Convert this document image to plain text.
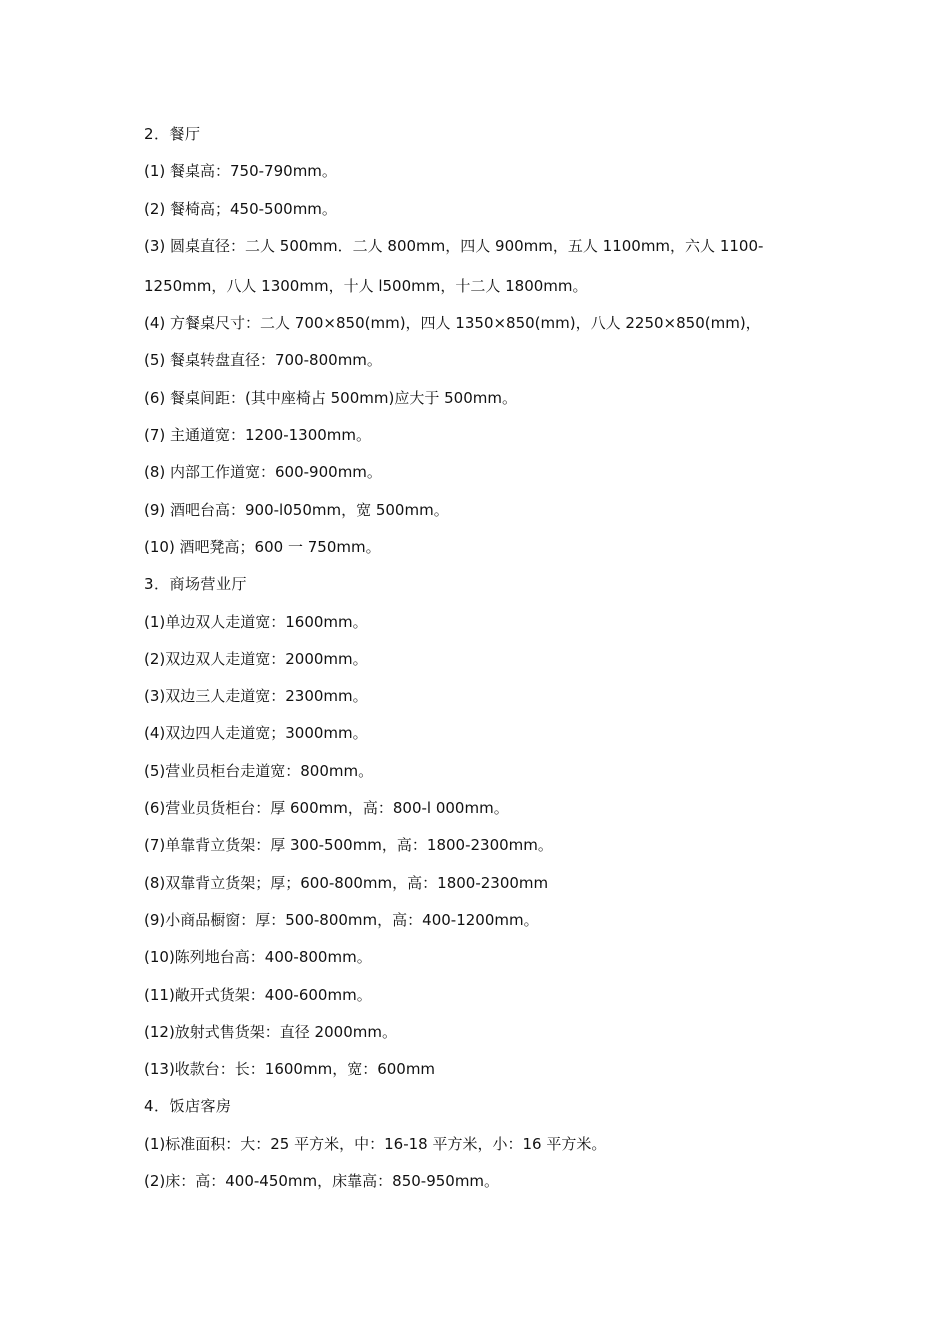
2．餐厅
(1) 餐桌高：750-790mm。
(2) 餐椅高；450-500mm。
(3) 圆桌直径：二人 500mm．二人 800mm，四人 900mm，五人 1100mm，六人 1100-
1250mm，八人 1300mm，十人 l500mm，十二人 1800mm。
(4) 方餐桌尺寸：二人 700×850(mm)，四人 1350×850(mm)，八人 2250×850(mm)，
(5) 餐桌转盘直径：700-800mm。
(6) 餐桌间距：(其中座椅占 500mm)应大于 500mm。
(7) 主通道宽：1200-1300mm。
(8) 内部工作道宽：600-900mm。
(9) 酒吧台高：900-l050mm，宽 500mm。
(10) 酒吧凳高；600 一 750mm。
3．商场营业厅
(1)单边双人走道宽：1600mm。
(2)双边双人走道宽：2000mm。
(3)双边三人走道宽：2300mm。
(4)双边四人走道宽；3000mm。
(5)营业员柜台走道宽：800mm。
(6)营业员货柜台：厚 600mm，高：800-l 000mm。
(7)单靠背立货架：厚 300-500mm，高：1800-2300mm。
(8)双靠背立货架；厚；600-800mm，高：1800-2300mm
(9)小商品橱窗：厚：500-800mm，高：400-1200mm。
(10)陈列地台高：400-800mm。
(11)敞开式货架：400-600mm。
(12)放射式售货架：直径 2000mm。
(13)收款台：长：1600mm，宽：600mm
4．饭店客房
(1)标准面积：大：25 平方米，中：16-18 平方米，小：16 平方米。
(2)床：高：400-450mm，床靠高：850-950mm。
